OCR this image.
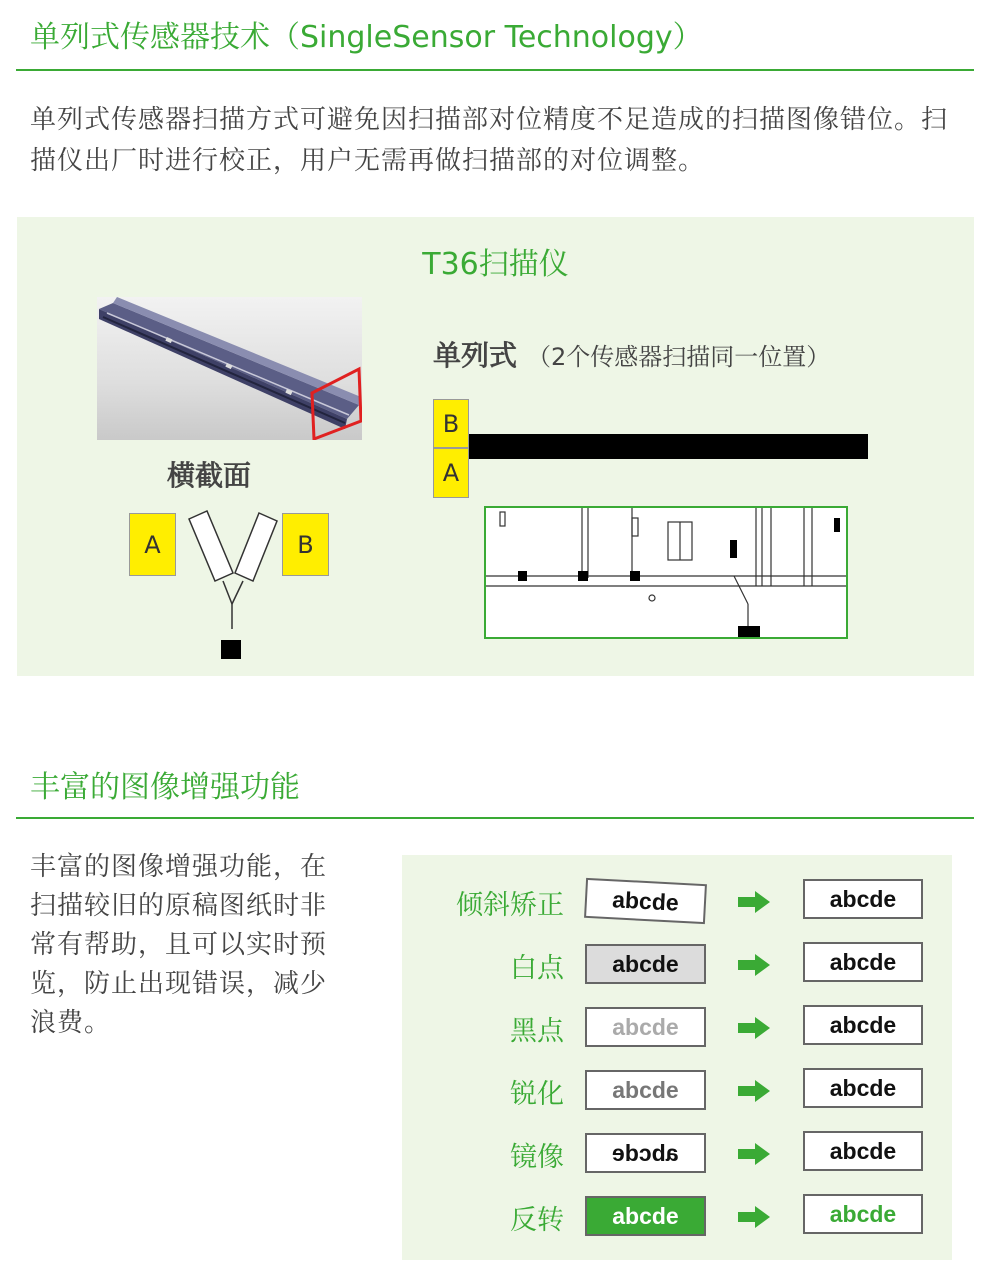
单列式传感器技术（SingleSensor Technology）

单列式传感器扫描方式可避免因扫描部对位精度不足造成的扫描图像错位。扫描仪出厂时进行校正，用户无需再做扫描部的对位调整。

T36扫描仪
横截面
A	B
单列式 （2个传感器扫描同一位置）
B
A
丰富的图像增强功能

丰富的图像增强功能，在扫描较旧的原稿图纸时非常有帮助，且可以实时预览，防止出现错误，减少浪费。

倾斜矫正	abcde	abcde
白点	abcde	abcde
黑点	abcde	abcde
锐化	abcde	abcde
镜像 abcde	abcde
反转	abcde	abcde
